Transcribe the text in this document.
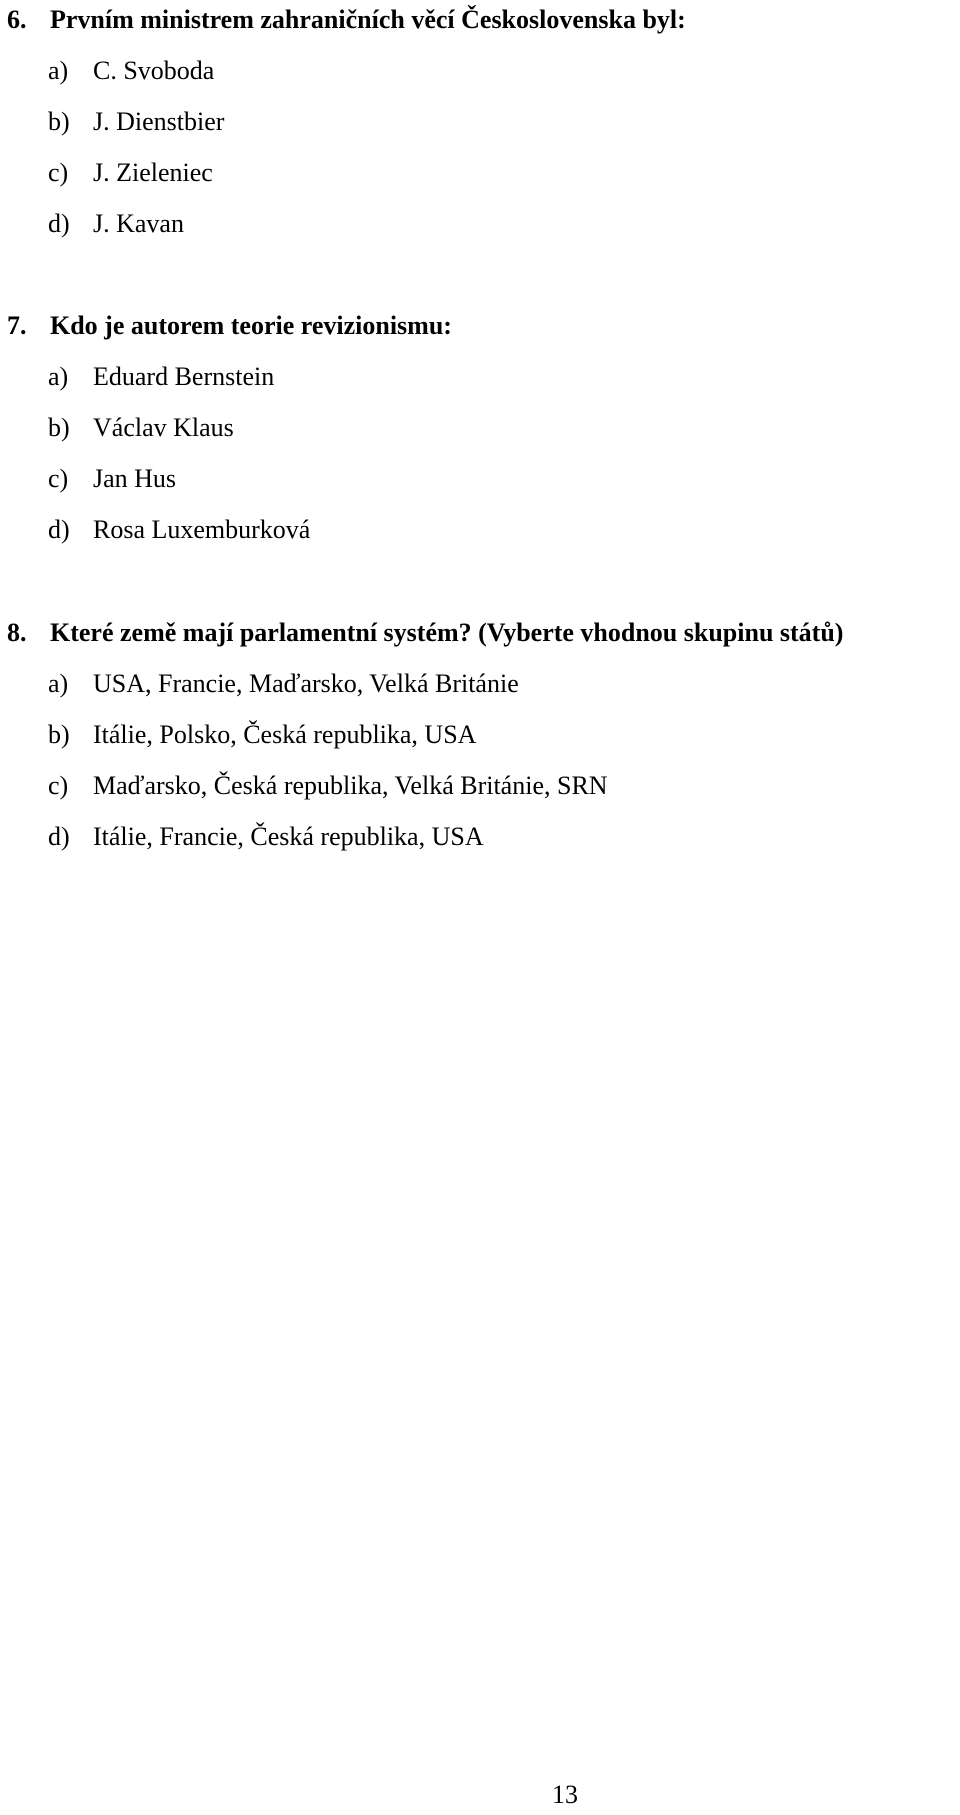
6. Prvním ministrem zahraničních věcí Československa byl:
a) C. Svoboda
b) J. Dienstbier
c) J. Zieleniec
d) J. Kavan
7. Kdo je autorem teorie revizionismu:
a) Eduard Bernstein
b) Václav Klaus
c) Jan Hus
d) Rosa Luxemburková
8. Které země mají parlamentní systém? (Vyberte vhodnou skupinu států)
a) USA, Francie, Maďarsko, Velká Británie
b) Itálie, Polsko, Česká republika, USA
c) Maďarsko, Česká republika, Velká Británie, SRN
d) Itálie, Francie, Česká republika, USA
13
